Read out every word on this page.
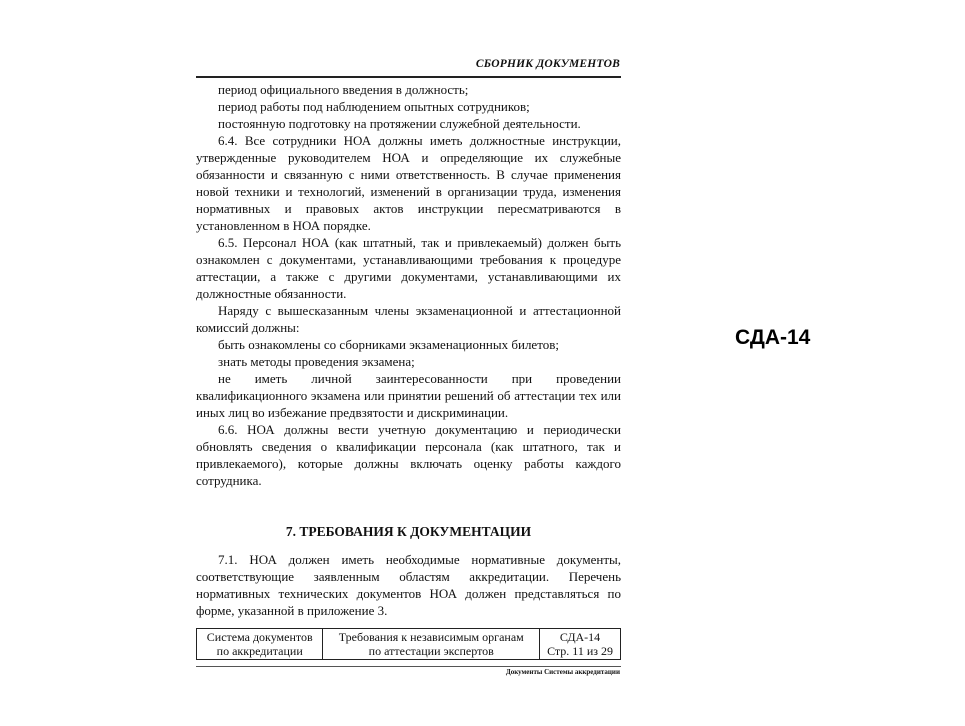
СБОРНИК ДОКУМЕНТОВ

период официального введения в должность;

период работы под наблюдением опытных сотрудников;

постоянную подготовку на протяжении служебной деятельности.

6.4. Все сотрудники НОА должны иметь должностные инструкции, утвержденные руководителем НОА и определяющие их служебные обязанности и связанную с ними ответственность. В случае применения новой техники и технологий, изменений в организации труда, изменения нормативных и правовых актов инструкции пересматриваются в установленном в НОА порядке.

6.5. Персонал НОА (как штатный, так и привлекаемый) должен быть ознакомлен с документами, устанавливающими требования к процедуре аттестации, а также с другими документами, устанавливающими их должностные обязанности.

Наряду с вышесказанным члены экзаменационной и аттестационной комиссий должны:

быть ознакомлены со сборниками экзаменационных билетов;

знать методы проведения экзамена;

не иметь личной заинтересованности при проведении квалификационного экзамена или принятии решений об аттестации тех или иных лиц во избежание предвзятости и дискриминации.

6.6. НОА должны вести учетную документацию и периодически обновлять сведения о квалификации персонала (как штатного, так и привлекаемого), которые должны включать оценку работы каждого сотрудника.

7. ТРЕБОВАНИЯ К ДОКУМЕНТАЦИИ

7.1. НОА должен иметь необходимые нормативные документы, соответствующие заявленным областям аккредитации. Перечень нормативных технических документов НОА должен представляться по форме, указанной в приложение 3.

Система документов
по аккредитации

Требования к независимым органам
по аттестации экспертов

СДА-14
Стр. 11 из 29
Документы Системы аккредитации
СДА-14
